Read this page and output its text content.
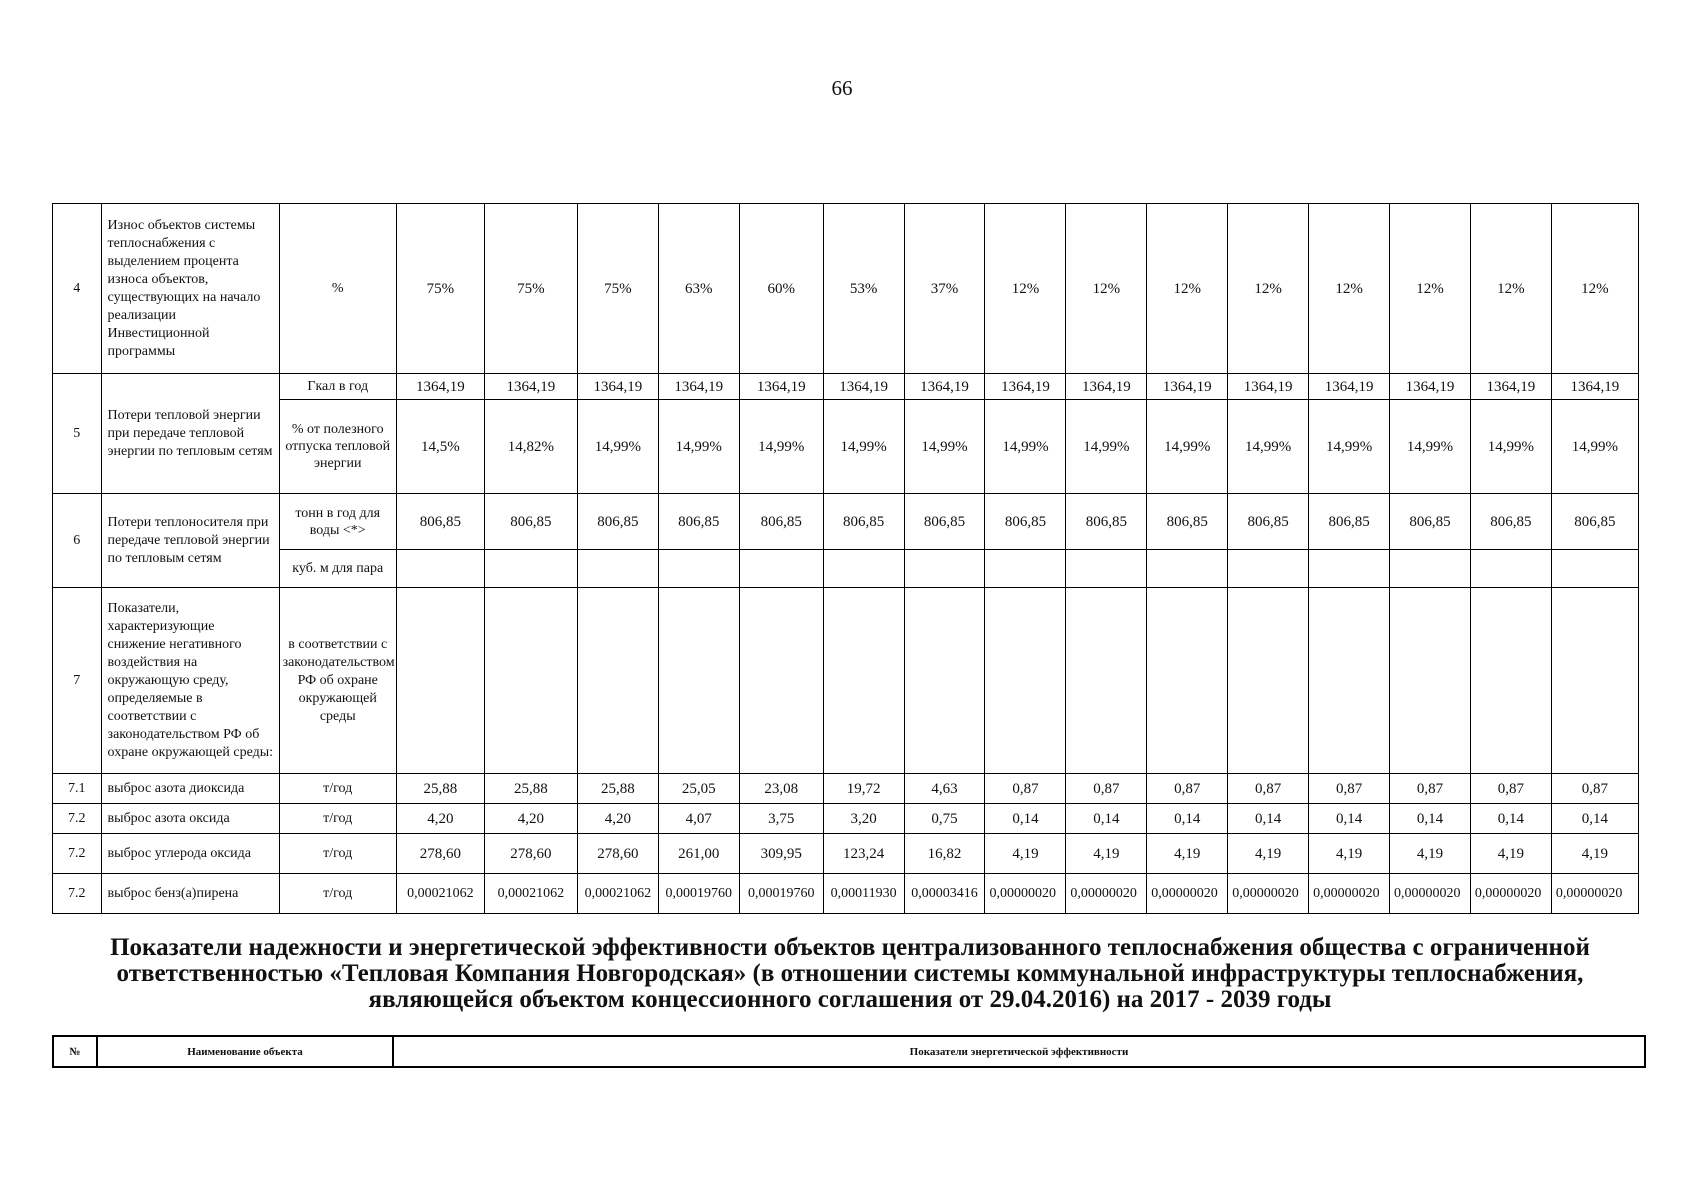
66
4	Износ объектов системы теплоснабжения с выделением процента износа объектов, существующих на начало реализации Инвестиционной программы	%	75%	75%	75%	63%	60%	53%	37%	12%	12%	12%	12%	12%	12%	12%	12%
5	Потери тепловой энергии при передаче тепловой энергии по тепловым сетям	Гкал в год	1364,19	1364,19	1364,19	1364,19	1364,19	1364,19	1364,19	1364,19	1364,19	1364,19	1364,19	1364,19	1364,19	1364,19	1364,19
		% от полезного отпуска тепловой энергии	14,5%	14,82%	14,99%	14,99%	14,99%	14,99%	14,99%	14,99%	14,99%	14,99%	14,99%	14,99%	14,99%	14,99%	14,99%
6	Потери теплоносителя при передаче тепловой энергии по тепловым сетям	тонн в год для воды <*>	806,85	806,85	806,85	806,85	806,85	806,85	806,85	806,85	806,85	806,85	806,85	806,85	806,85	806,85	806,85
		куб. м для пара															
7	Показатели, характеризующие снижение негативного воздействия на окружающую среду, определяемые в соответствии с законодательством РФ об охране окружающей среды:	в соответствии с законодательством РФ об охране окружающей среды															
7.1	выброс азота диоксида	т/год	25,88	25,88	25,88	25,05	23,08	19,72	4,63	0,87	0,87	0,87	0,87	0,87	0,87	0,87	0,87
7.2	выброс азота оксида	т/год	4,20	4,20	4,20	4,07	3,75	3,20	0,75	0,14	0,14	0,14	0,14	0,14	0,14	0,14	0,14
7.2	выброс углерода оксида	т/год	278,60	278,60	278,60	261,00	309,95	123,24	16,82	4,19	4,19	4,19	4,19	4,19	4,19	4,19	4,19
7.2	выброс бенз(а)пирена	т/год	0,00021062	0,00021062	0,00021062	0,00019760	0,00019760	0,00011930	0,00003416	0,00000020	0,00000020	0,00000020	0,00000020	0,00000020	0,00000020	0,00000020	0,00000020
Показатели надежности и энергетической эффективности объектов централизованного теплоснабжения общества с ограниченной ответственностью «Тепловая Компания Новгородская» (в отношении системы коммунальной инфраструктуры теплоснабжения, являющейся объектом концессионного соглашения от 29.04.2016) на 2017 - 2039 годы
№	Наименование объекта	Показатели энергетической эффективности
